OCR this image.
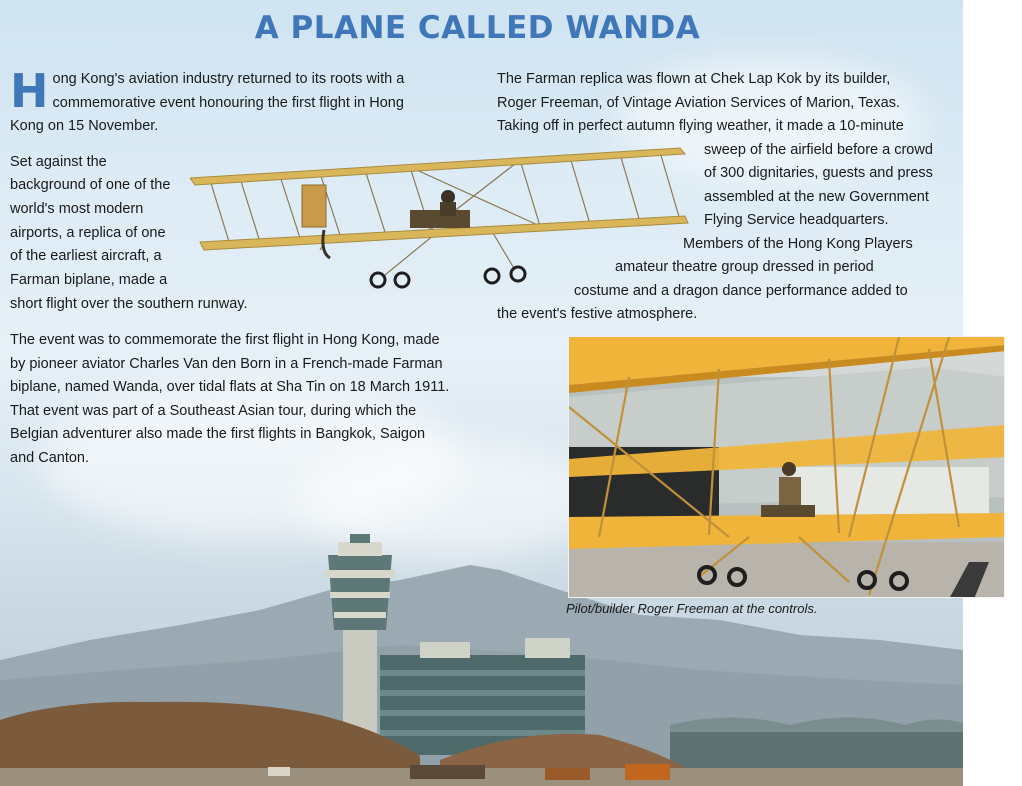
A PLANE CALLED WANDA

Hong Kong's aviation industry returned to its roots with a commemorative event honouring the first flight in Hong Kong on 15 November.

Set against the

background of one of the

world's most modern

airports, a replica of one

of the earliest aircraft, a

Farman biplane, made a

short flight over the southern runway.

The event was to commemorate the first flight in Hong Kong, made by pioneer aviator Charles Van den Born in a French-made Farman biplane, named Wanda, over tidal flats at Sha Tin on 18 March 1911. That event was part of a Southeast Asian tour, during which the Belgian adventurer also made the first flights in Bangkok, Saigon and Canton.

The Farman replica was flown at Chek Lap Kok by its builder,

Roger Freeman, of Vintage Aviation Services of Marion, Texas.

Taking off in perfect autumn flying weather, it made a 10-minute

sweep of the airfield before a crowd

of 300 dignitaries, guests and press

assembled at the new Government

Flying Service headquarters.

Members of the Hong Kong Players

amateur theatre group dressed in period

costume and a dragon dance performance added to

the event's festive atmosphere.

Pilot/builder Roger Freeman at the controls.
